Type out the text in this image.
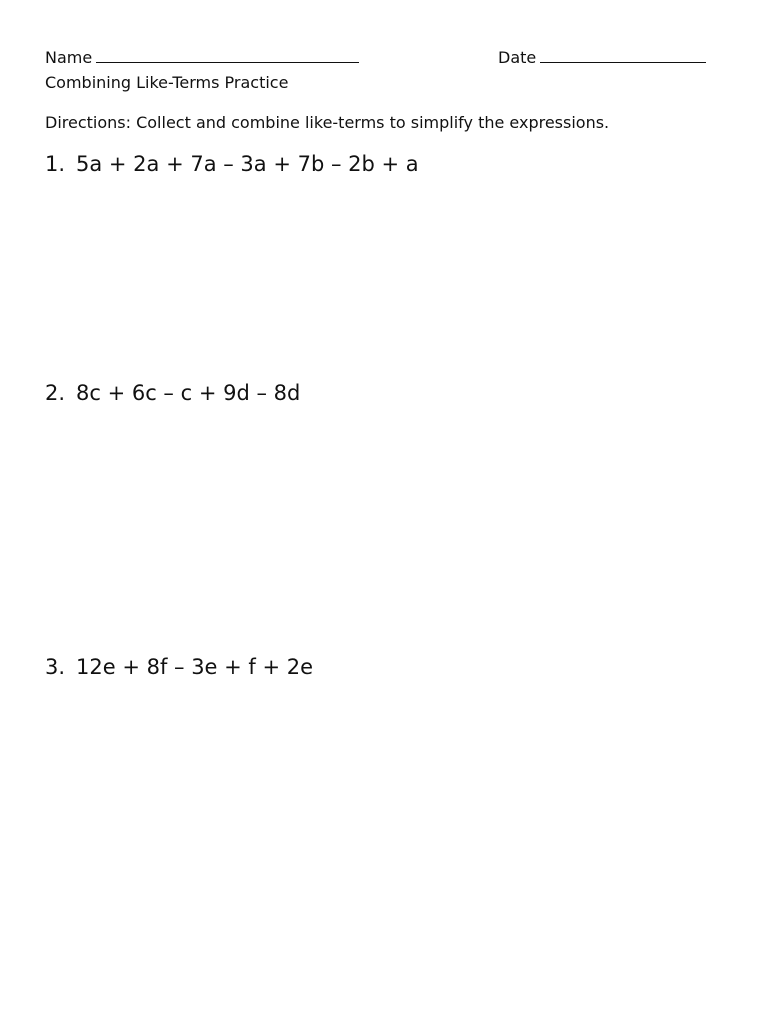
Name	Date
Combining Like-Terms Practice
Directions: Collect and combine like-terms to simplify the expressions.
1. 5a + 2a + 7a – 3a + 7b – 2b + a
2. 8c + 6c – c + 9d – 8d
3. 12e + 8f – 3e + f + 2e
